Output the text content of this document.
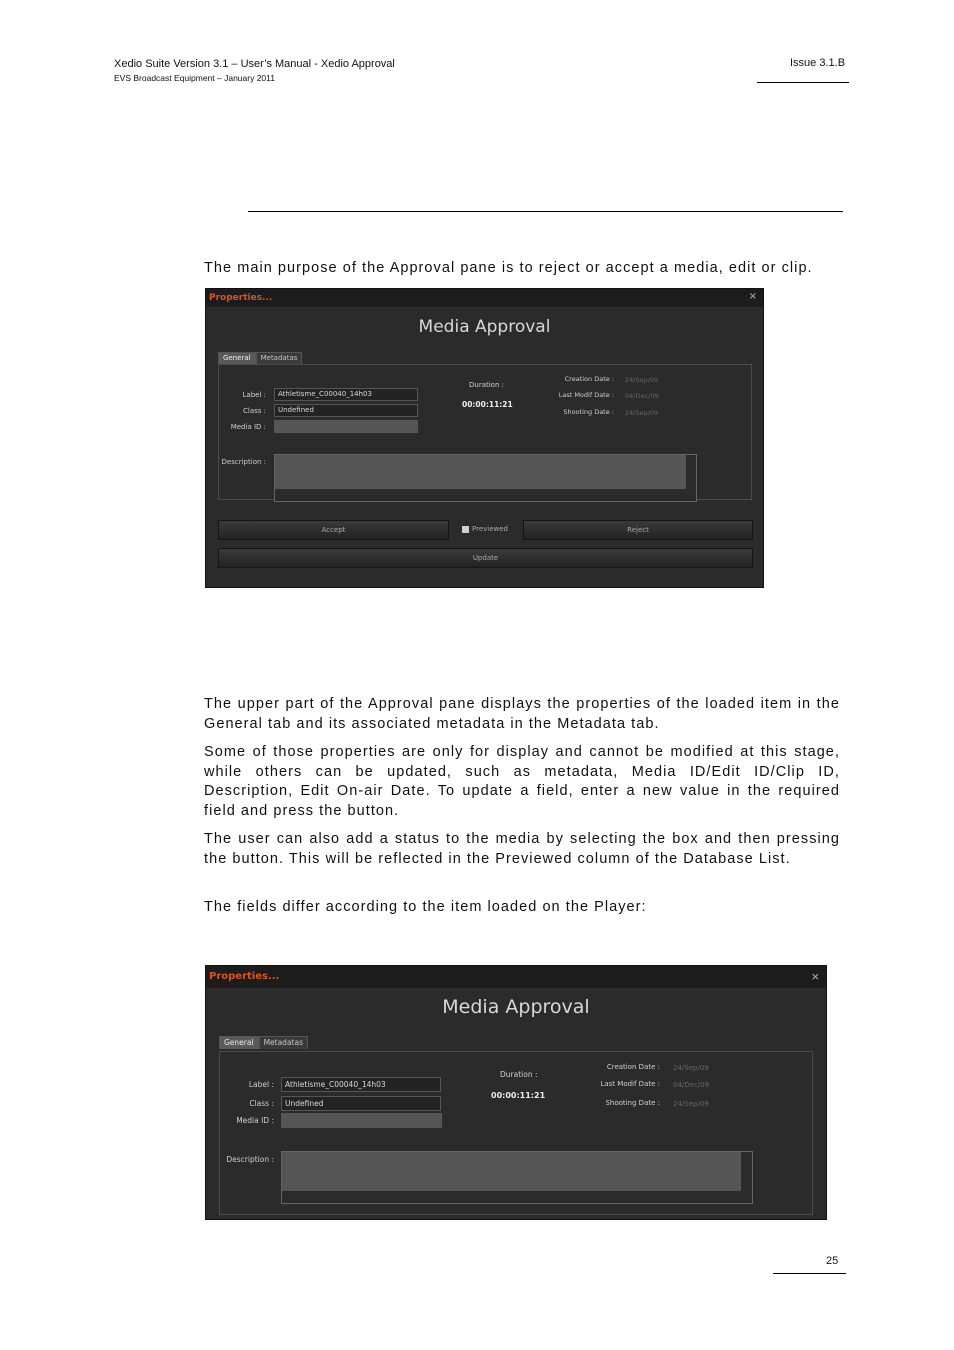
Xedio Suite Version 3.1 – User’s Manual - Xedio Approval
EVS Broadcast Equipment – January 2011
Issue 3.1.B
The main purpose of the Approval pane is to reject or accept a media, edit or clip.
Properties...	×
Media Approval
General	Metadatas
Label :	Athletisme_C00040_14h03
Class :	Undefined
Media ID :
Description :
Duration :
00:00:11:21
Creation Date : 24/Sep/09
Last Modif Date : 04/Dec/09
Shooting Date : 24/Sep/09
Accept	Previewed	Reject
Update
The upper part of the Approval pane displays the properties of the loaded item in the General tab and its associated metadata in the Metadata tab.
Some of those properties are only for display and cannot be modified at this stage, while others can be updated, such as metadata, Media ID/Edit ID/Clip ID, Description, Edit On-air Date. To update a field, enter a new value in the required field and press the button.
The user can also add a status to the media by selecting the box and then pressing the button. This will be reflected in the Previewed column of the Database List.
The fields differ according to the item loaded on the Player:
Properties...	×
Media Approval
General	Metadatas
Label :	Athletisme_C00040_14h03
Class :	Undefined
Media ID :
Description :
Duration :
00:00:11:21
Creation Date : 24/Sep/09
Last Modif Date : 04/Dec/09
Shooting Date : 24/Sep/09
25
